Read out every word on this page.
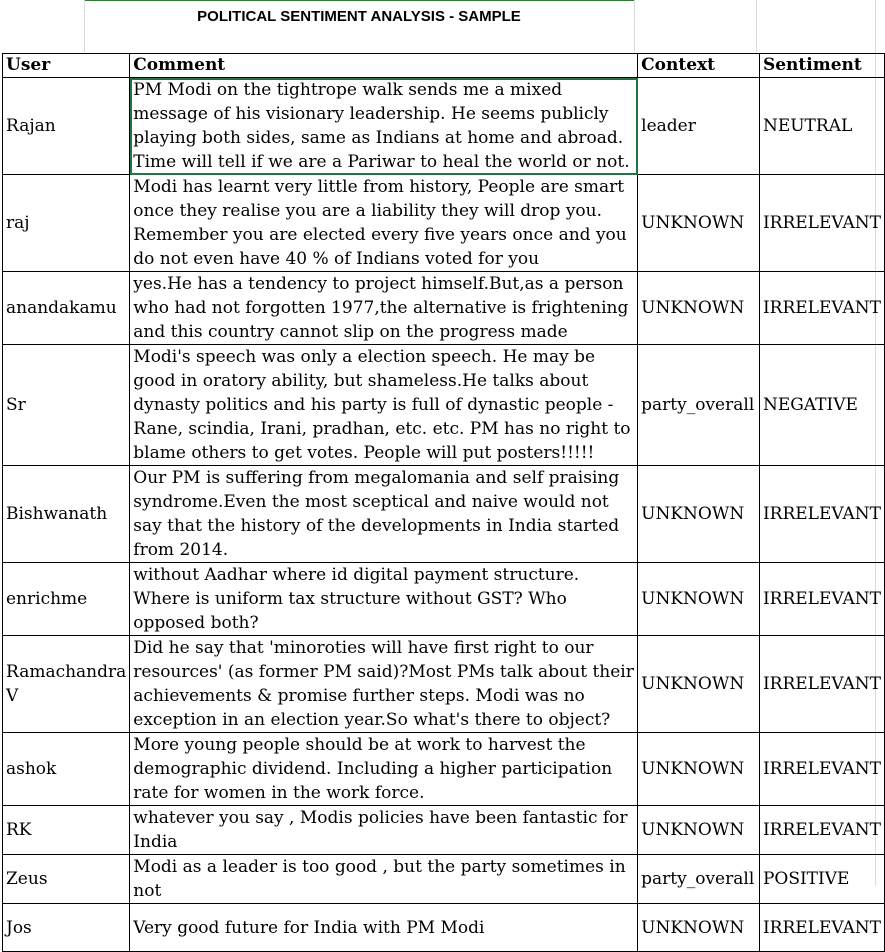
POLITICAL SENTIMENT ANALYSIS - SAMPLE
User	Comment	Context	Sentiment
Rajan	PM Modi on the tightrope walk sends me a mixed message of his visionary leadership. He seems publicly playing both sides, same as Indians at home and abroad. Time will tell if we are a Pariwar to heal the world or not.	leader	NEUTRAL
raj	Modi has learnt very little from history, People are smart once they realise you are a liability they will drop you. Remember you are elected every five years once and you do not even have 40 % of Indians voted for you	UNKNOWN	IRRELEVANT
anandakamu	yes.He has a tendency to project himself.But,as a person who had not forgotten 1977,the alternative is frightening and this country cannot slip on the progress made	UNKNOWN	IRRELEVANT
Sr	Modi's speech was only a election speech. He may be good in oratory ability, but shameless.He talks about dynasty politics and his party is full of dynastic people - Rane, scindia, Irani, pradhan, etc. etc. PM has no right to blame others to get votes. People will put posters!!!!!	party_overall	NEGATIVE
Bishwanath	Our PM is suffering from megalomania and self praising syndrome.Even the most sceptical and naive would not say that the history of the developments in India started from 2014.	UNKNOWN	IRRELEVANT
enrichme	without Aadhar where id digital payment structure. Where is uniform tax structure without GST? Who opposed both?	UNKNOWN	IRRELEVANT
Ramachandra V	Did he say that 'minoroties will have first right to our resources' (as former PM said)?Most PMs talk about their achievements & promise further steps. Modi was no exception in an election year.So what's there to object?	UNKNOWN	IRRELEVANT
ashok	More young people should be at work to harvest the demographic dividend. Including a higher participation rate for women in the work force.	UNKNOWN	IRRELEVANT
RK	whatever you say , Modis policies have been fantastic for India	UNKNOWN	IRRELEVANT
Zeus	Modi as a leader is too good , but the party sometimes in not	party_overall	POSITIVE
Jos	Very good future for India with PM Modi	UNKNOWN	IRRELEVANT
